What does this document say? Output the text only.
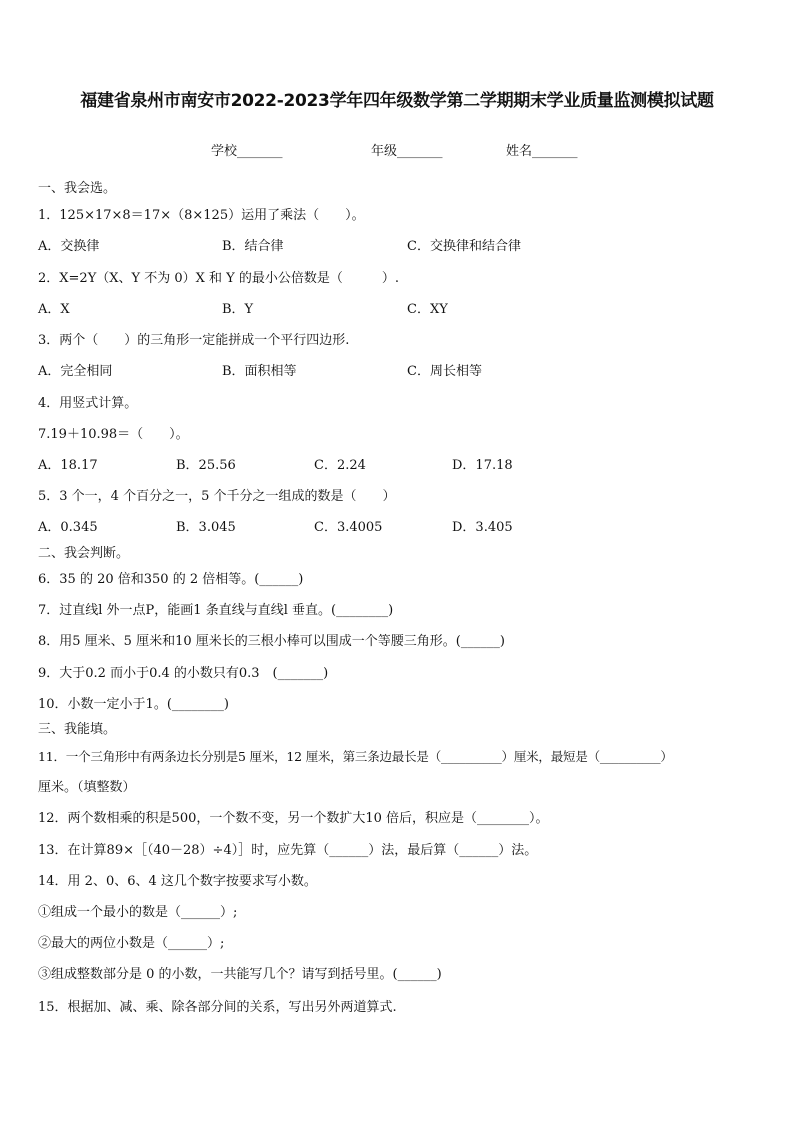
福建省泉州市南安市2022-2023学年四年级数学第二学期期末学业质量监测模拟试题
学校_______	年级_______	姓名_______
一、我会选。
1．125×17×8＝17×（8×125）运用了乘法（　　）。
A．交换律	B．结合律	C．交换律和结合律
2．X=2Y（X、Y 不为 0）X 和 Y 的最小公倍数是（　　　）.
A．X	B．Y	C．XY
3．两个（　　）的三角形一定能拼成一个平行四边形.
A．完全相同	B．面积相等	C．周长相等
4．用竖式计算。
7.19＋10.98＝（　　）。
A．18.17	B．25.56	C．2.24	D．17.18
5．3 个一，4 个百分之一，5 个千分之一组成的数是（　　）
A．0.345	B．3.045	C．3.4005	D．3.405
二、我会判断。
6．35 的 20 倍和350 的 2 倍相等。(______)
7．过直线l 外一点P，能画1 条直线与直线l 垂直。(________)
8．用5 厘米、5 厘米和10 厘米长的三根小棒可以围成一个等腰三角形。(______)
9．大于0.2 而小于0.4 的小数只有0.3　(_______)
10．小数一定小于1。(________)
三、我能填。
11．一个三角形中有两条边长分别是5 厘米，12 厘米，第三条边最长是（__________）厘米，最短是（__________）
厘米。（填整数）
12．两个数相乘的积是500，一个数不变，另一个数扩大10 倍后，积应是（________）。
13．在计算89×［（40－28）÷4）］时，应先算（______）法，最后算（______）法。
14．用 2、0、6、4 这几个数字按要求写小数。
①组成一个最小的数是（______）;
②最大的两位小数是（______）;
③组成整数部分是 0 的小数，一共能写几个？请写到括号里。(______)
15．根据加、减、乘、除各部分间的关系，写出另外两道算式.
